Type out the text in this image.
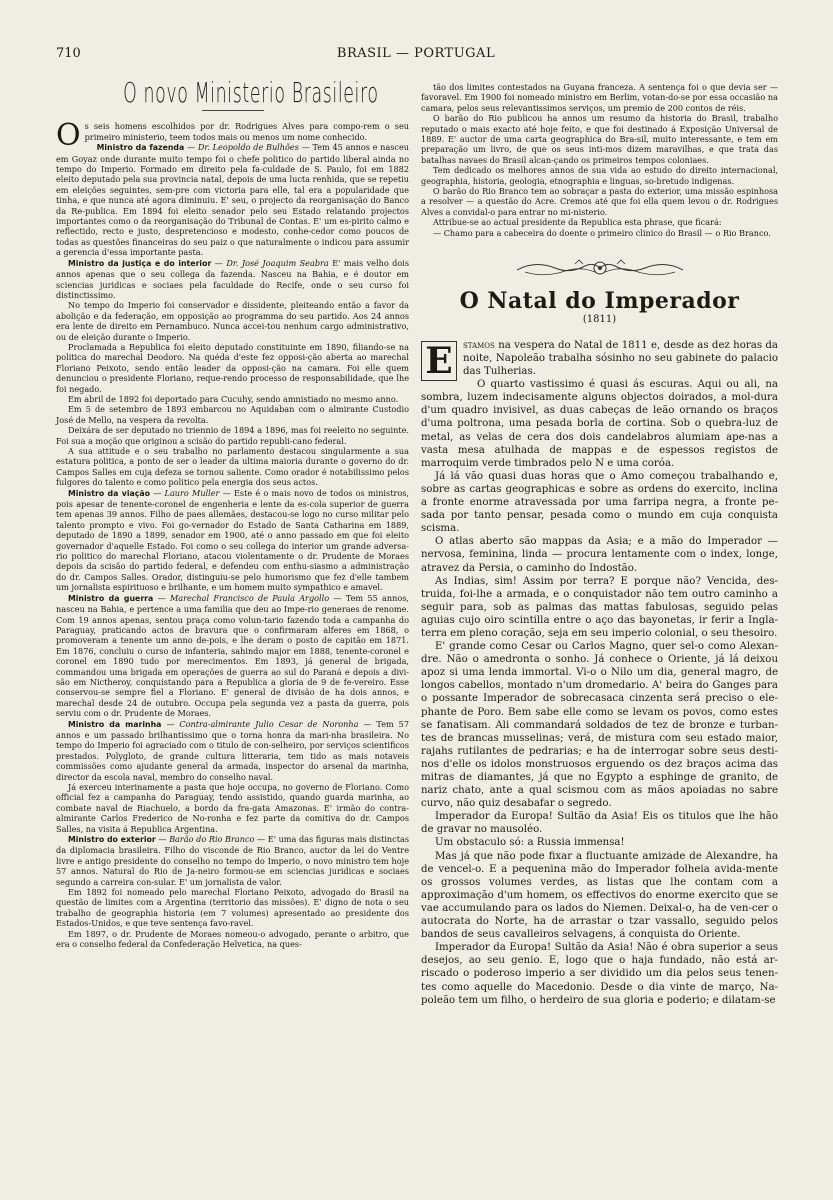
710	BRASIL — PORTUGAL
O novo Ministerio Brasileiro

Os seis homens escolhidos por dr. Rodrigues Alves para compo-rem o seu primeiro ministerio, teem todos mais ou menos um nome conhecido.

Ministro da fazenda — Dr. Leopoldo de Bulhões — Tem 45 annos e nasceu em Goyaz onde durante muito tempo foi o chefe politico do partido liberal ainda no tempo do Imperio. Formado em direito pela fa-culdade de S. Paulo, foi em 1882 eleito deputado pela sua provincia natal, depois de uma lucta renhida, que se repetiu em eleições seguintes, sem-pre com victoria para elle, tal era a popularidade que tinha, e que nunca até agora diminuiu. E' seu, o projecto da reorganisação do Banco da Re-publica. Em 1894 foi eleito senador pelo seu Estado relatando projectos importantes como o da reorganisação do Tribunal de Contas. E' um es-pirito calmo e reflectido, recto e justo, despretencioso e modesto, conhe-cedor como poucos de todas as questões financeiras do seu paiz o que naturalmente o indicou para assumir a gerencia d'essa importante pasta.

Ministro da justiça e do interior — Dr. José Joaquim Seabra E' mais velho dois annos apenas que o seu collega da fazenda. Nasceu na Bahia, e é doutor em sciencias juridicas e sociaes pela faculdade do Recife, onde o seu curso foi distinctissimo.

No tempo do Imperio foi conservador e dissidente, pleiteando então a favor da abolição e da federação, em opposição ao programma do seu partido. Aos 24 annos era lente de direito em Pernambuco. Nunca accei-tou nenhum cargo administrativo, ou de eleição durante o Imperio.

Proclamada a Republica foi eleito deputado constituinte em 1890, filiando-se na politica do marechal Deodoro. Na quéda d'este fez opposi-ção aberta ao marechal Floriano Peixoto, sendo então leader da opposi-ção na camara. Foi elle quem denunciou o presidente Floriano, reque-rendo processo de responsabilidade, que lhe foi negado.

Em abril de 1892 foi deportado para Cucuhy, sendo amnistiado no mesmo anno.

Em 5 de setembro de 1893 embarcou no Aquidaban com o almirante Custodio José de Mello, na vespera da revolta.

Deixára de ser deputado no triennio de 1894 a 1896, mas foi reeleito no seguinte. Foi sua a moção que originou a scisão do partido republi-cano federal.

A sua attitude e o seu trabalho no parlamento destacou singularmente a sua estatura politica, a ponto de ser o leader da ultima maioria durante o governo do dr. Campos Salles em cuja defeza se tornou saliente. Como orador é notabilissimo pelos fulgores do talento e como politico pela energia dos seus actos.

Ministro da viação — Lauro Muller — Este é o mais novo de todos os ministros, pois apesar de tenente-coronel de engenheria e lente da es-cola superior de guerra tem apenas 39 annos. Filho de paes allemães, destacou-se logo no curso militar pelo talento prompto e vivo. Foi go-vernador do Estado de Santa Catharina em 1889, deputado de 1890 a 1899, senador em 1900, até o anno passado em que foi eleito governador d'aquelle Estado. Foi como o seu collega do interior um grande adversa-rio politico do marechal Floriano, atacou violentamente o dr. Prudente de Moraes depois da scisão do partido federal, e defendeu com enthu-siasmo a administração do dr. Campos Salles. Orador, distinguiu-se pelo humorismo que fez d'elle tambem um jornalista espirituoso e brilhante, e um homem muito sympathico e amavel.

Ministro da guerra — Marechal Francisco de Paula Argollo — Tem 55 annos, nasceu na Bahia, e pertence a uma familia que deu ao Impe-rio generaes de renome. Com 19 annos apenas, sentou praça como volun-tario fazendo toda a campanha do Paraguay, praticando actos de bravura que o confirmaram alferes em 1868, o promoveram a tenente um anno de-pois, e lhe deram o posto de capitão em 1871. Em 1876, concluiu o curso de infanteria, sahindo major em 1888, tenente-coronel e coronel em 1890 tudo por merecimentos. Em 1893, já general de brigada, commandou uma brigada em operações de guerra ao sul do Paraná e depois a divi-são em Nictheroy, conquistando para a Republica a gloria de 9 de fe-vereiro. Esse conservou-se sempre fiel a Floriano. E' general de divisão de ha dois annos, e marechal desde 24 de outubro. Occupa pela segunda vez a pasta da guerra, pois serviu com o dr. Prudente de Moraes.

Ministro da marinha — Contra-almirante Julio Cesar de Noronha — Tem 57 annos e um passado brilhantissimo que o torna honra da mari-nha brasileira. No tempo do Imperio foi agraciado com o titulo de con-selheiro, por serviços scientificos prestados. Polygloto, de grande cultura litteraria, tem tido as mais notaveis commissões como ajudante general da armada, inspector do arsenal da marinha, director da escola naval, membro do conselho naval.

Já exerceu interinamente a pasta que hoje occupa, no governo de Floriano. Como official fez a campanha do Paraguay, tendo assistido, quando guarda marinha, ao combate naval de Riachuelo, a bordo da fra-gata Amazonas. E' irmão do contra-almirante Carlos Frederico de No-ronha e fez parte da comitiva do dr. Campos Salles, na visita á Republica Argentina.

Ministro do exterior — Barão do Rio Branco — E' uma das figuras mais distinctas da diplomacia brasileira. Filho do visconde de Rio Branco, auctor da lei do Ventre livre e antigo presidente do conselho no tempo do Imperio, o novo ministro tem hoje 57 annos. Natural do Rio de Ja-neiro formou-se em sciencias juridicas e sociaes segundo a carreira con-sular. E' um jornalista de valor.

Em 1892 foi nomeado pelo marechal Floriano Peixoto, advogado do Brasil na questão de limites com a Argentina (territorio das missões). E' digno de nota o seu trabalho de geographia historia (em 7 volumes) apresentado ao presidente dos Estados-Unidos, e que teve sentença favo-ravel.

Em 1897, o dr. Prudente de Moraes nomeou-o advogado, perante o arbitro, que era o conselho federal da Confederação Helvetica, na ques-

tão dos limites contestados na Guyana franceza. A sentença foi o que devia ser — favoravel. Em 1900 foi nomeado ministro em Berlim, votan-do-se por essa occasião na camara, pelos seus relevantissimos serviços, um premio de 200 contos de réis.

O barão do Rio publicou ha annos um resumo da historia do Brasil, trabalho reputado o mais exacto até hoje feito, e que foi destinado á Exposição Universal de 1889. E' auctor de uma carta geographica do Bra-sil, muito interessante, e tem em preparação um livro, de que os seus inti-mos dizem maravilhas, e que trata das batalhas navaes do Brasil alcan-çando os primeiros tempos coloniaes.

Tem dedicado os melhores annos de sua vida ao estudo do direito internacional, geographia, historia, geologia, etnographia e linguas, so-bretudo indigenas.

O barão do Rio Branco tem ao sobraçar a pasta do exterior, uma missão espinhosa a resolver — a questão do Acre. Cremos até que foi ella quem levou o dr. Rodrigues Alves a convidal-o para entrar no mi-nisterio.

Attribue-se ao actual presidente da Republica esta phrase, que ficará:

— Chamo para a cabeceira do doente o primeiro clinico do Brasil — o Rio Branco.

O Natal do Imperador
(1811)

E	stamos na vespera do Natal de 1811 e, desde as dez horas da noite, Napoleão trabalha sósinho no seu gabinete do palacio das Tulherias.

O quarto vastissimo é quasi ás escuras. Aqui ou ali, na sombra, luzem indecisamente alguns objectos doirados, a mol-dura d'um quadro invisivel, as duas cabeças de leão ornando os braços d'uma poltrona, uma pesada borla de cortina. Sob o quebra-luz de metal, as velas de cera dos dois candelabros alumiam ape-nas a vasta mesa atulhada de mappas e de espessos registos de marroquim verde timbrados pelo N e uma coróa.

Já lá vão quasi duas horas que o Amo começou trabalhando e, sobre as cartas geographicas e sobre as ordens do exercito, inclina a fronte enorme atravessada por uma farripa negra, a fronte pe-sada por tanto pensar, pesada como o mundo em cuja conquista scisma.

O atlas aberto são mappas da Asia; e a mão do Imperador — nervosa, feminina, linda — procura lentamente com o index, longe, atravez da Persia, o caminho do Indostão.

As Indias, sim! Assim por terra? E porque não? Vencida, des-truida, foi-lhe a armada, e o conquistador não tem outro caminho a seguir para, sob as palmas das mattas fabulosas, seguido pelas aguias cujo oiro scintilla entre o aço das bayonetas, ir ferir a Ingla-terra em pleno coração, seja em seu imperio colonial, o seu thesoiro.

E' grande como Cesar ou Carlos Magno, quer sel-o como Alexan-dre. Não o amedronta o sonho. Já conhece o Oriente, já lá deixou apoz si uma lenda immortal. Vi-o o Nilo um dia, general magro, de longos cabellos, montado n'um dromedario. A' beira do Ganges para o possante Imperador de sobrecasaca cinzenta será preciso o ele-phante de Poro. Bem sabe elle como se levam os povos, como estes se fanatisam. Ali commandará soldados de tez de bronze e turban-tes de brancas musselinas; verá, de mistura com seu estado maior, rajahs rutilantes de pedrarias; e ha de interrogar sobre seus desti-nos d'elle os idolos monstruosos erguendo os dez braços acima das mitras de diamantes, já que no Egypto a esphinge de granito, de nariz chato, ante a qual scismou com as mãos apoiadas no sabre curvo, não quiz desabafar o segredo.

Imperador da Europa! Sultão da Asia! Eis os titulos que lhe hão de gravar no mausoléo.

Um obstaculo só: a Russia immensa!

Mas já que não pode fixar a fluctuante amizade de Alexandre, ha de vencel-o. E a pequenina mão do Imperador folheia avida-mente os grossos volumes verdes, as listas que lhe contam com a approximação d'um homem, os effectivos do enorme exercito que se vae accumulando para os lados do Niemen. Deixal-o, ha de ven-cer o autocrata do Norte, ha de arrastar o tzar vassallo, seguido pelos bandos de seus cavalleiros selvagens, á conquista do Oriente.

Imperador da Europa! Sultão da Asia! Não é obra superior a seus desejos, ao seu genio. E, logo que o haja fundado, não está ar-riscado o poderoso imperio a ser dividido um dia pelos seus tenen-tes como aquelle do Macedonio. Desde o dia vinte de março, Na-poleão tem um filho, o herdeiro de sua gloria e poderio; e dilatam-se
